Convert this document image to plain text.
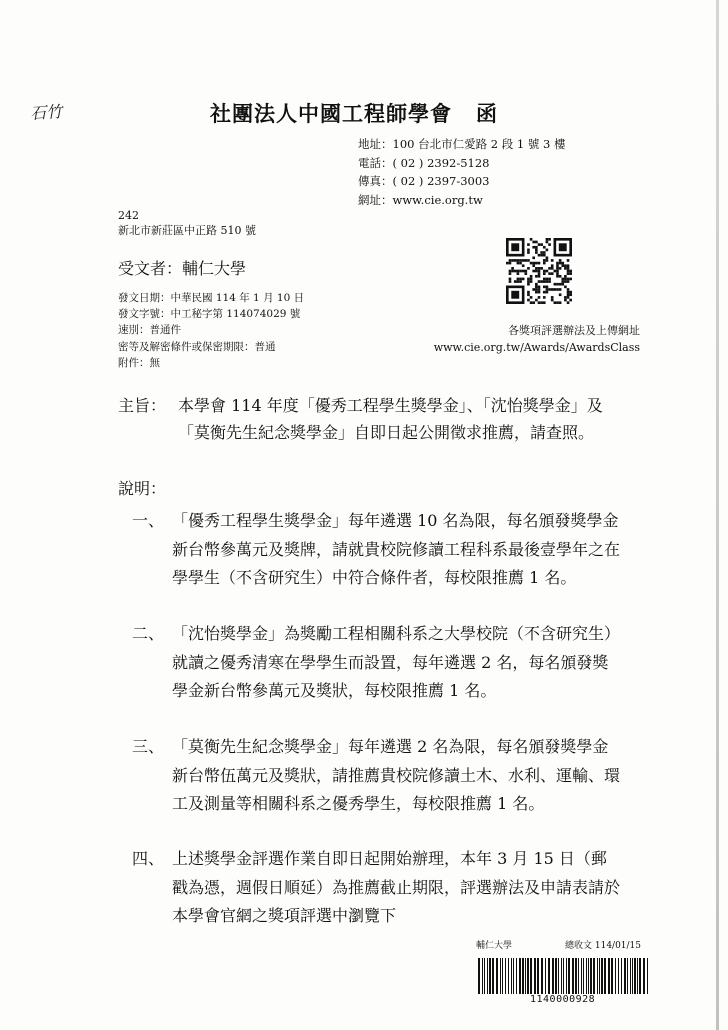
石竹	社團法人中國工程師學會 函
地址：100 台北市仁愛路 2 段 1 號 3 樓
電話：( 02 ) 2392-5128
傳真：( 02 ) 2397-3003
網址：www.cie.org.tw
242
新北市新莊區中正路 510 號
受文者：輔仁大學
發文日期：中華民國 114 年 1 月 10 日
發文字號：中工秘字第 114074029 號
速別：普通件
密等及解密條件或保密期限：普通
附件：無
各獎項評選辦法及上傳網址
www.cie.org.tw/Awards/AwardsClass
主旨： 本學會 114 年度「優秀工程學生獎學金」、「沈怡獎學金」及「莫衡先生紀念獎學金」自即日起公開徵求推薦，請查照。
說明：
一、 「優秀工程學生獎學金」每年遴選 10 名為限，每名頒發獎學金新台幣參萬元及獎牌，請就貴校院修讀工程科系最後壹學年之在學學生（不含研究生）中符合條件者，每校限推薦 1 名。
二、 「沈怡獎學金」為獎勵工程相關科系之大學校院（不含研究生）就讀之優秀清寒在學學生而設置，每年遴選 2 名，每名頒發獎學金新台幣參萬元及獎狀，每校限推薦 1 名。
三、 「莫衡先生紀念獎學金」每年遴選 2 名為限，每名頒發獎學金新台幣伍萬元及獎狀，請推薦貴校院修讀土木、水利、運輸、環工及測量等相關科系之優秀學生，每校限推薦 1 名。
四、 上述獎學金評選作業自即日起開始辦理，本年 3 月 15 日（郵戳為憑，週假日順延）為推薦截止期限，評選辦法及申請表請於本學會官網之獎項評選中瀏覽下
輔仁大學	總收文 114/01/15
1140000928
